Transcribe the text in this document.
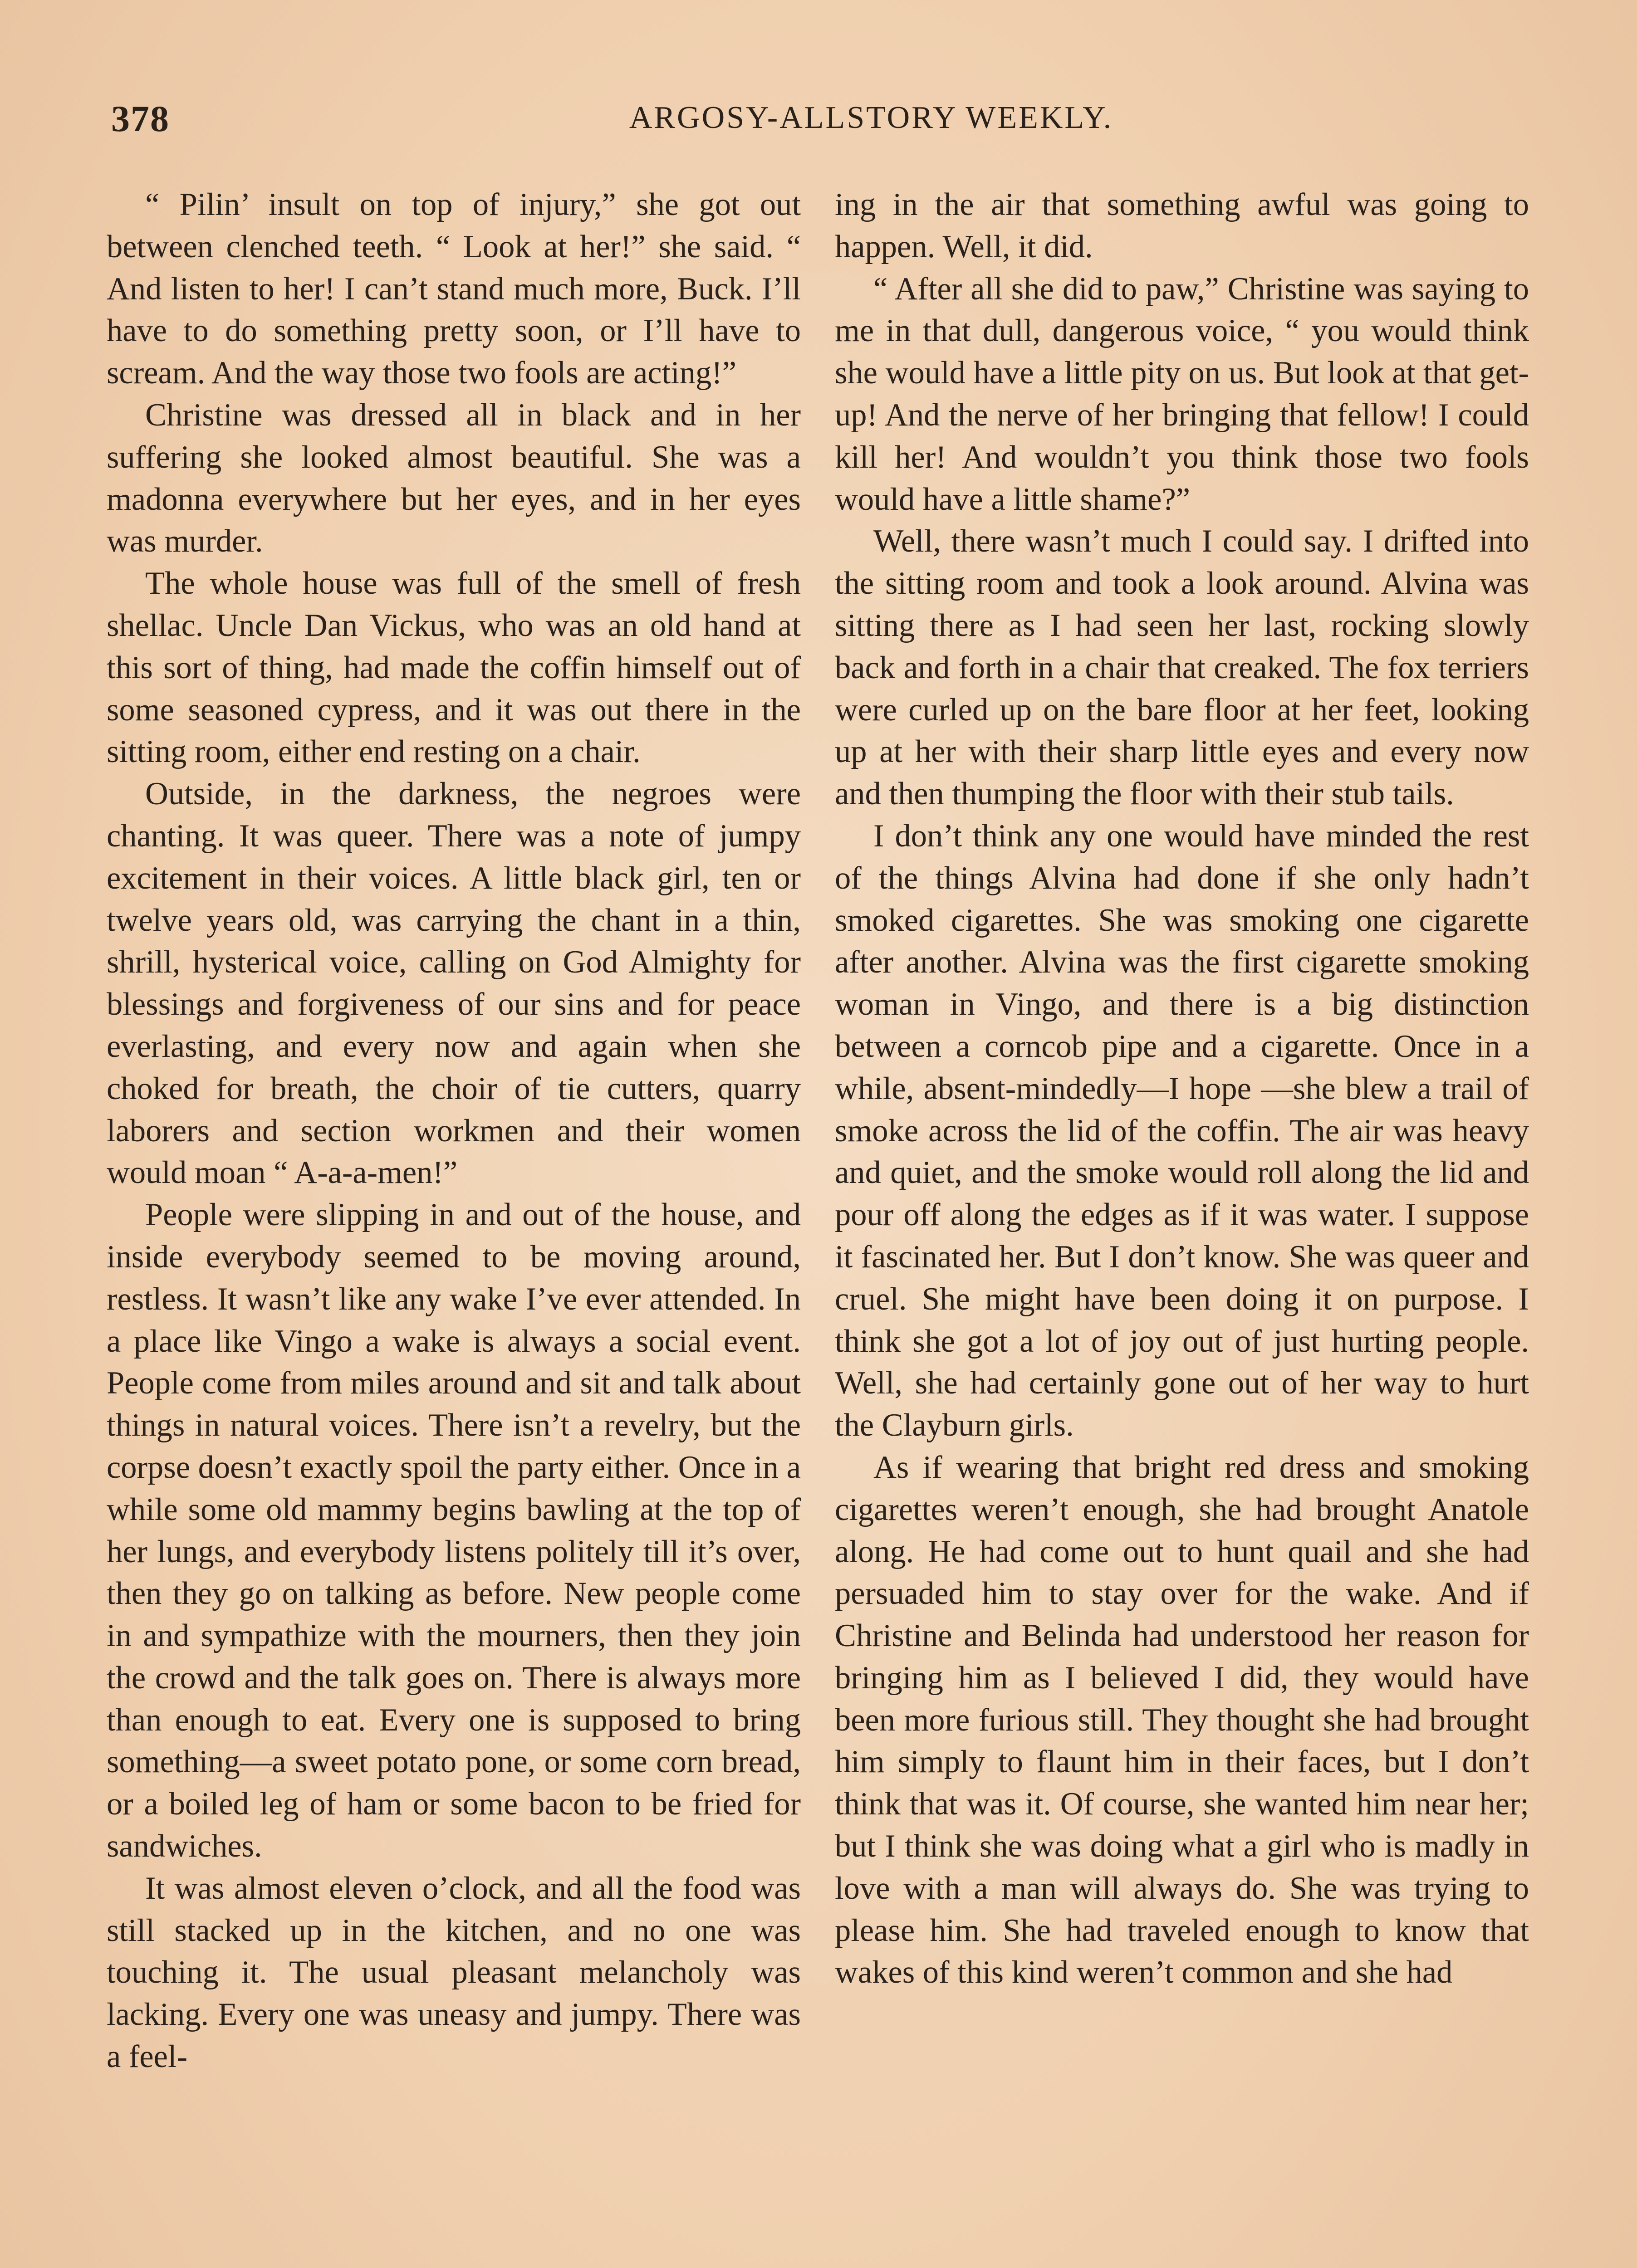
378	ARGOSY-ALLSTORY WEEKLY.

“ Pilin’ insult on top of injury,” she got out between clenched teeth. “ Look at her!” she said. “ And listen to her! I can’t stand much more, Buck. I’ll have to do something pretty soon, or I’ll have to scream. And the way those two fools are acting!”

Christine was dressed all in black and in her suffering she looked almost beautiful. She was a madonna everywhere but her eyes, and in her eyes was murder.

The whole house was full of the smell of fresh shellac. Uncle Dan Vickus, who was an old hand at this sort of thing, had made the coffin himself out of some seasoned cypress, and it was out there in the sitting room, either end resting on a chair.

Outside, in the darkness, the negroes were chanting. It was queer. There was a note of jumpy excitement in their voices. A little black girl, ten or twelve years old, was carrying the chant in a thin, shrill, hysterical voice, calling on God Almighty for blessings and forgiveness of our sins and for peace everlasting, and every now and again when she choked for breath, the choir of tie cutters, quarry laborers and section workmen and their women would moan “ A-a-a-men!”

People were slipping in and out of the house, and inside everybody seemed to be moving around, restless. It wasn’t like any wake I’ve ever attended. In a place like Vingo a wake is always a social event. People come from miles around and sit and talk about things in natural voices. There isn’t a revelry, but the corpse doesn’t exactly spoil the party either. Once in a while some old mammy begins bawling at the top of her lungs, and everybody listens politely till it’s over, then they go on talking as before. New people come in and sympathize with the mourners, then they join the crowd and the talk goes on. There is always more than enough to eat. Every one is supposed to bring something—a sweet potato pone, or some corn bread, or a boiled leg of ham or some bacon to be fried for sandwiches.

It was almost eleven o’clock, and all the food was still stacked up in the kitchen, and no one was touching it. The usual pleasant melancholy was lacking. Every one was uneasy and jumpy. There was a feel-

ing in the air that something awful was going to happen. Well, it did.

“ After all she did to paw,” Christine was saying to me in that dull, dangerous voice, “ you would think she would have a little pity on us. But look at that get-up! And the nerve of her bringing that fellow! I could kill her! And wouldn’t you think those two fools would have a little shame?”

Well, there wasn’t much I could say. I drifted into the sitting room and took a look around. Alvina was sitting there as I had seen her last, rocking slowly back and forth in a chair that creaked. The fox terriers were curled up on the bare floor at her feet, looking up at her with their sharp little eyes and every now and then thumping the floor with their stub tails.

I don’t think any one would have minded the rest of the things Alvina had done if she only hadn’t smoked cigarettes. She was smoking one cigarette after another. Alvina was the first cigarette smoking woman in Vingo, and there is a big distinction between a corncob pipe and a cigarette. Once in a while, absent-mindedly—I hope —she blew a trail of smoke across the lid of the coffin. The air was heavy and quiet, and the smoke would roll along the lid and pour off along the edges as if it was water. I suppose it fascinated her. But I don’t know. She was queer and cruel. She might have been doing it on purpose. I think she got a lot of joy out of just hurting people. Well, she had certainly gone out of her way to hurt the Clayburn girls.

As if wearing that bright red dress and smoking cigarettes weren’t enough, she had brought Anatole along. He had come out to hunt quail and she had persuaded him to stay over for the wake. And if Christine and Belinda had understood her reason for bringing him as I believed I did, they would have been more furious still. They thought she had brought him simply to flaunt him in their faces, but I don’t think that was it. Of course, she wanted him near her; but I think she was doing what a girl who is madly in love with a man will always do. She was trying to please him. She had traveled enough to know that wakes of this kind weren’t common and she had
